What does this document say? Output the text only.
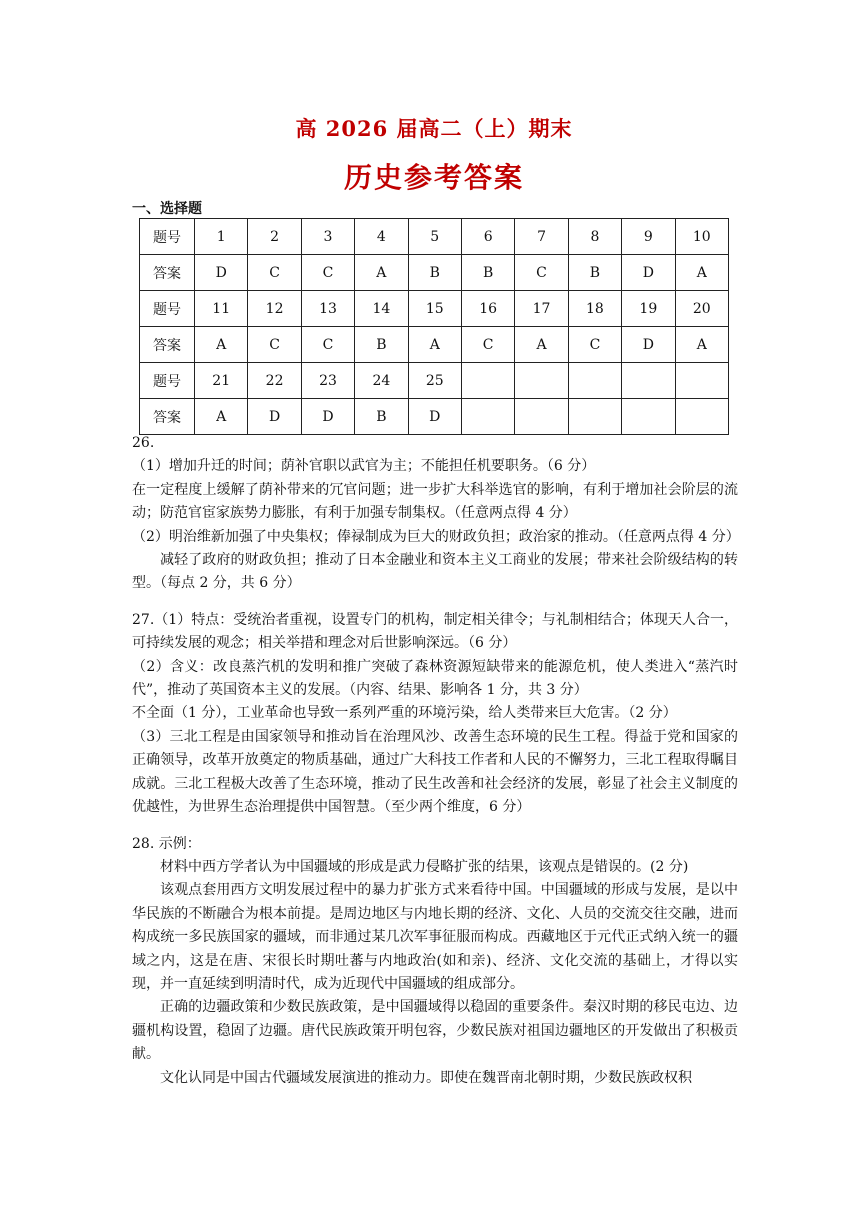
高 2026 届高二（上）期末
历史参考答案
一、选择题
题号	1	2	3	4	5	6	7	8	9	10
答案	D	C	C	A	B	B	C	B	D	A
题号	11	12	13	14	15	16	17	18	19	20
答案	A	C	C	B	A	C	A	C	D	A
题号	21	22	23	24	25					
答案	A	D	D	B	D					

26.

（1）增加升迁的时间；荫补官职以武官为主；不能担任机要职务。（6 分）

在一定程度上缓解了荫补带来的冗官问题；进一步扩大科举选官的影响，有利于增加社会阶层的流动；防范官宦家族势力膨胀，有利于加强专制集权。（任意两点得 4 分）

（2）明治维新加强了中央集权；俸禄制成为巨大的财政负担；政治家的推动。（任意两点得 4 分）

减轻了政府的财政负担；推动了日本金融业和资本主义工商业的发展；带来社会阶级结构的转型。（每点 2 分，共 6 分）

27.（1）特点：受统治者重视，设置专门的机构，制定相关律令；与礼制相结合；体现天人合一，可持续发展的观念；相关举措和理念对后世影响深远。（6 分）

（2）含义：改良蒸汽机的发明和推广突破了森林资源短缺带来的能源危机，使人类进入“蒸汽时代”，推动了英国资本主义的发展。（内容、结果、影响各 1 分，共 3 分）

不全面（1 分），工业革命也导致一系列严重的环境污染，给人类带来巨大危害。（2 分）

（3）三北工程是由国家领导和推动旨在治理风沙、改善生态环境的民生工程。得益于党和国家的正确领导，改革开放奠定的物质基础，通过广大科技工作者和人民的不懈努力，三北工程取得瞩目成就。三北工程极大改善了生态环境，推动了民生改善和社会经济的发展，彰显了社会主义制度的优越性，为世界生态治理提供中国智慧。（至少两个维度，6 分）

28. 示例：

材料中西方学者认为中国疆域的形成是武力侵略扩张的结果，该观点是错误的。(2 分)

该观点套用西方文明发展过程中的暴力扩张方式来看待中国。中国疆域的形成与发展，是以中华民族的不断融合为根本前提。是周边地区与内地长期的经济、文化、人员的交流交往交融，进而构成统一多民族国家的疆域，而非通过某几次军事征服而构成。西藏地区于元代正式纳入统一的疆域之内，这是在唐、宋很长时期吐蕃与内地政治(如和亲)、经济、文化交流的基础上，才得以实现，并一直延续到明清时代，成为近现代中国疆域的组成部分。

正确的边疆政策和少数民族政策，是中国疆域得以稳固的重要条件。秦汉时期的移民屯边、边疆机构设置，稳固了边疆。唐代民族政策开明包容，少数民族对祖国边疆地区的开发做出了积极贡献。

文化认同是中国古代疆域发展演进的推动力。即使在魏晋南北朝时期，少数民族政权积
